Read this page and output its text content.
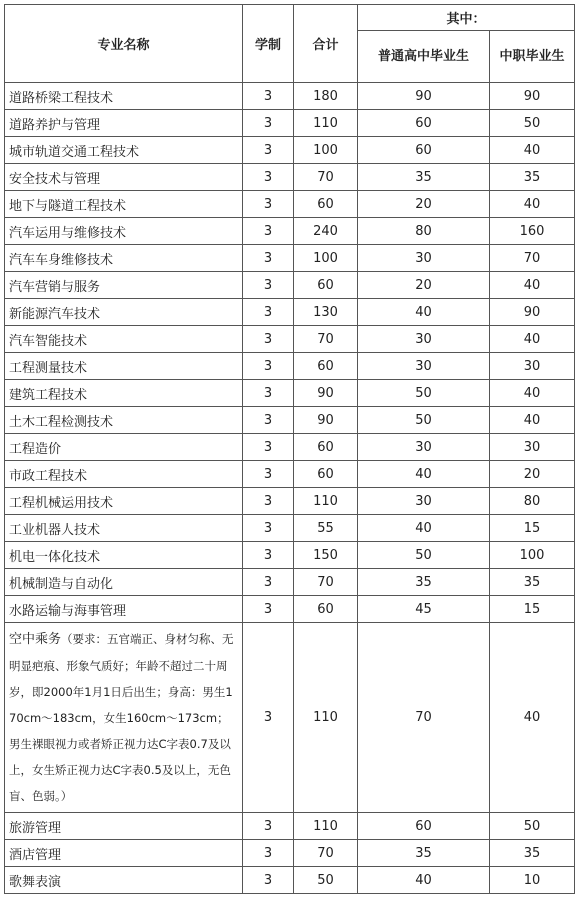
专业名称	学制	合计	其中：	
			普通高中毕业生	中职毕业生
道路桥梁工程技术	3	180	90	90
道路养护与管理	3	110	60	50
城市轨道交通工程技术	3	100	60	40
安全技术与管理	3	70	35	35
地下与隧道工程技术	3	60	20	40
汽车运用与维修技术	3	240	80	160
汽车车身维修技术	3	100	30	70
汽车营销与服务	3	60	20	40
新能源汽车技术	3	130	40	90
汽车智能技术	3	70	30	40
工程测量技术	3	60	30	30
建筑工程技术	3	90	50	40
土木工程检测技术	3	90	50	40
工程造价	3	60	30	30
市政工程技术	3	60	40	20
工程机械运用技术	3	110	30	80
工业机器人技术	3	55	40	15
机电一体化技术	3	150	50	100
机械制造与自动化	3	70	35	35
水路运输与海事管理	3	60	45	15
空中乘务（要求：五官端正、身材匀称、无明显疤痕、形象气质好；年龄不超过二十周岁，即2000年1月1日后出生；身高：男生170cm～183cm，女生160cm～173cm；男生裸眼视力或者矫正视力达C字表0.7及以上，女生矫正视力达C字表0.5及以上，无色盲、色弱。）	3	110	70	40
旅游管理	3	110	60	50
酒店管理	3	70	35	35
歌舞表演	3	50	40	10
